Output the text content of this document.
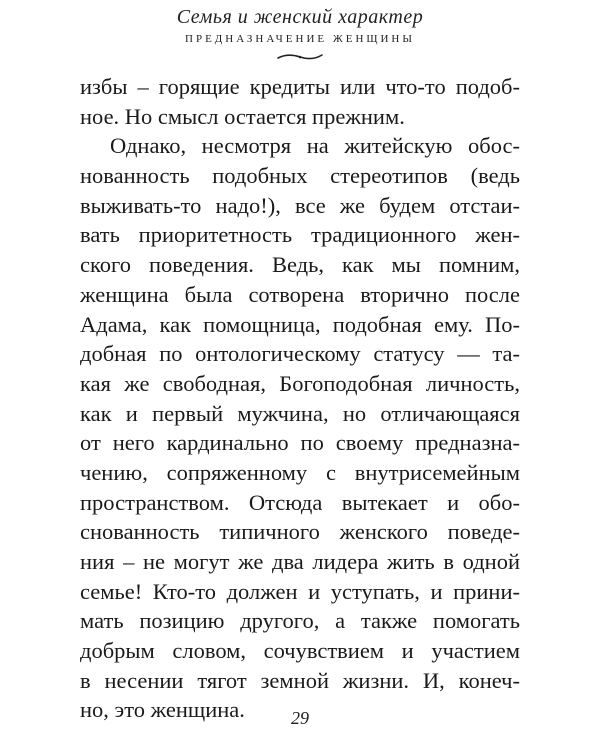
Семья и женский характер
ПРЕДНАЗНАЧЕНИЕ ЖЕНЩИНЫ
избы – горящие кредиты или что-то подоб-
ное. Но смысл остается прежним.
Однако, несмотря на житейскую обос-
нованность подобных стереотипов (ведь
выживать-то надо!), все же будем отстаи-
вать приоритетность традиционного жен-
ского поведения. Ведь, как мы помним,
женщина была сотворена вторично после
Адама, как помощница, подобная ему. По-
добная по онтологическому статусу — та-
кая же свободная, Богоподобная личность,
как и первый мужчина, но отличающаяся
от него кардинально по своему предназна-
чению, сопряженному с внутрисемейным
пространством. Отсюда вытекает и обо-
снованность типичного женского поведе-
ния – не могут же два лидера жить в одной
семье! Кто-то должен и уступать, и прини-
мать позицию другого, а также помогать
добрым словом, сочувствием и участием
в несении тягот земной жизни. И, конеч-
но, это женщина.	29
